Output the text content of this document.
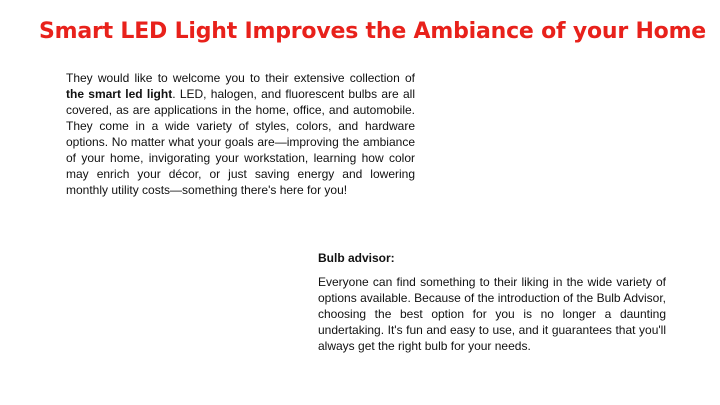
Smart LED Light Improves the Ambiance of your Home

They would like to welcome you to their extensive collection of the smart led light. LED, halogen, and fluorescent bulbs are all covered, as are applications in the home, office, and automobile. They come in a wide variety of styles, colors, and hardware options. No matter what your goals are—improving the ambiance of your home, invigorating your workstation, learning how color may enrich your décor, or just saving energy and lowering monthly utility costs—something there's here for you!

Bulb advisor:

Everyone can find something to their liking in the wide variety of options available. Because of the introduction of the Bulb Advisor, choosing the best option for you is no longer a daunting undertaking. It's fun and easy to use, and it guarantees that you'll always get the right bulb for your needs.
